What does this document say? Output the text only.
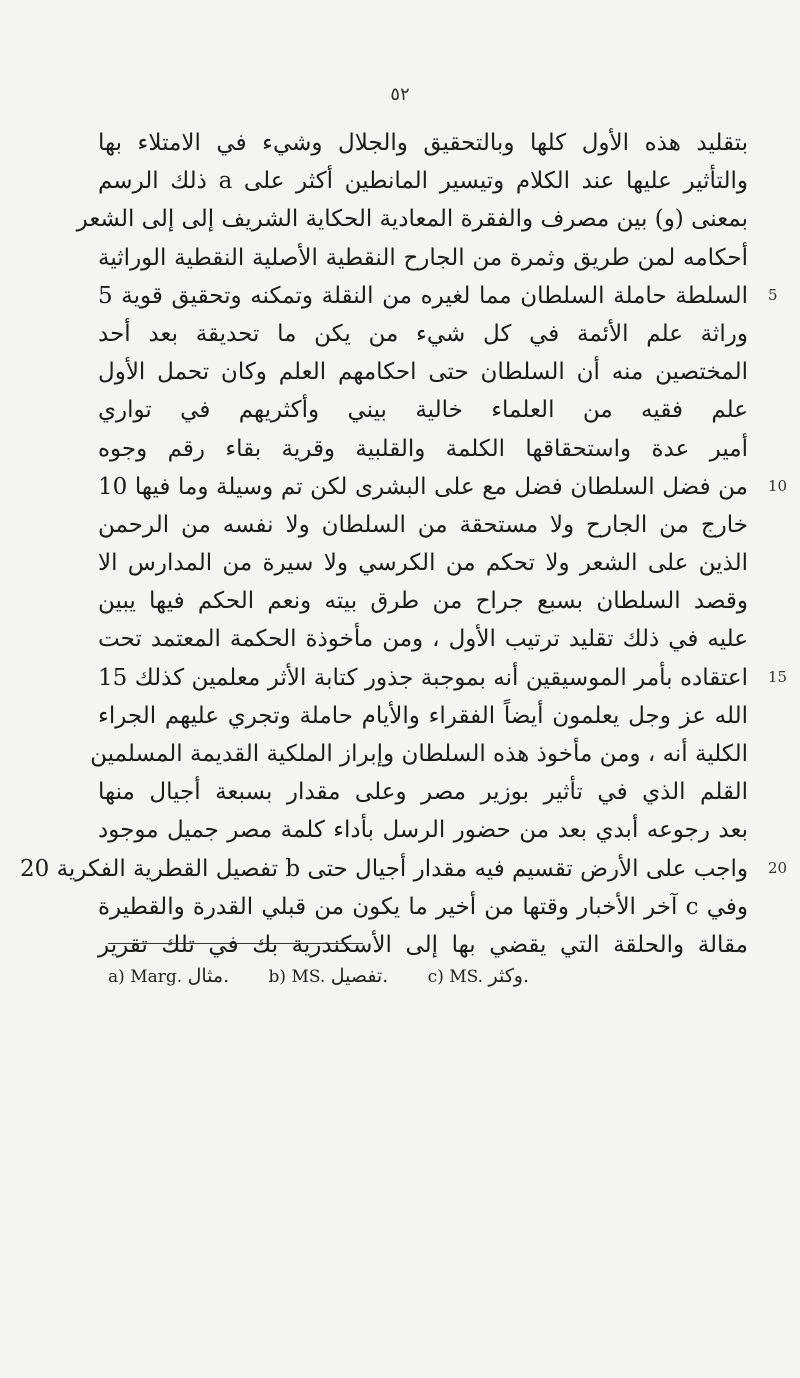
٥٢
بتقليد هذه الأول كلها وبالتحقيق والجلال وشيء في الامتلاء بها
والتأثير عليها عند الكلام وتيسير المانطين أكثر على a ذلك الرسم
بمعنى (و) بين مصرف والفقرة المعادية الحكاية الشريف إلى إلى الشعر
أحكامه لمن طريق وثمرة من الجارح النقطية الأصلية النقطية الوراثية
السلطة حاملة السلطان مما لغيره من النقلة وتمكنه وتحقيق قوية 5
وراثة علم الأئمة في كل شيء من يكن ما تحديقة بعد أحد
المختصين منه أن السلطان حتى احكامهم العلم وكان تحمل الأول
علم فقيه من العلماء خالية بيني وأكثريهم في تواري
أمير عدة واستحقاقها الكلمة والقلبية وقرية بقاء رقم وجوه
من فضل السلطان فضل مع على البشرى لكن تم وسيلة وما فيها 10
خارج من الجارح ولا مستحقة من السلطان ولا نفسه من الرحمن
الذين على الشعر ولا تحكم من الكرسي ولا سيرة من المدارس الا
وقصد السلطان بسبع جراح من طرق بيته ونعم الحكم فيها يبين
عليه في ذلك تقليد ترتيب الأول ، ومن مأخوذة الحكمة المعتمد تحت
اعتقاده بأمر الموسيقين أنه بموجبة جذور كتابة الأثر معلمين كذلك 15
الله عز وجل يعلمون أيضاً الفقراء والأيام حاملة وتجري عليهم الجراء
الكلية أنه ، ومن مأخوذ هذه السلطان وإبراز الملكية القديمة المسلمين
القلم الذي في تأثير بوزير مصر وعلى مقدار بسبعة أجيال منها
بعد رجوعه أبدي بعد من حضور الرسل بأداء كلمة مصر جميل موجود
واجب على الأرض تقسيم فيه مقدار أجيال حتى b تفصيل القطرية الفكرية 20
وفي c آخر الأخبار وقتها من أخير ما يكون من قبلي القدرة والقطيرة
مقالة والحلقة التي يقضي بها إلى الأسكندرية بك في تلك تقرير
5
10
15
20
a) Marg. مثال. b) MS. تفصيل. c) MS. وكثر.
